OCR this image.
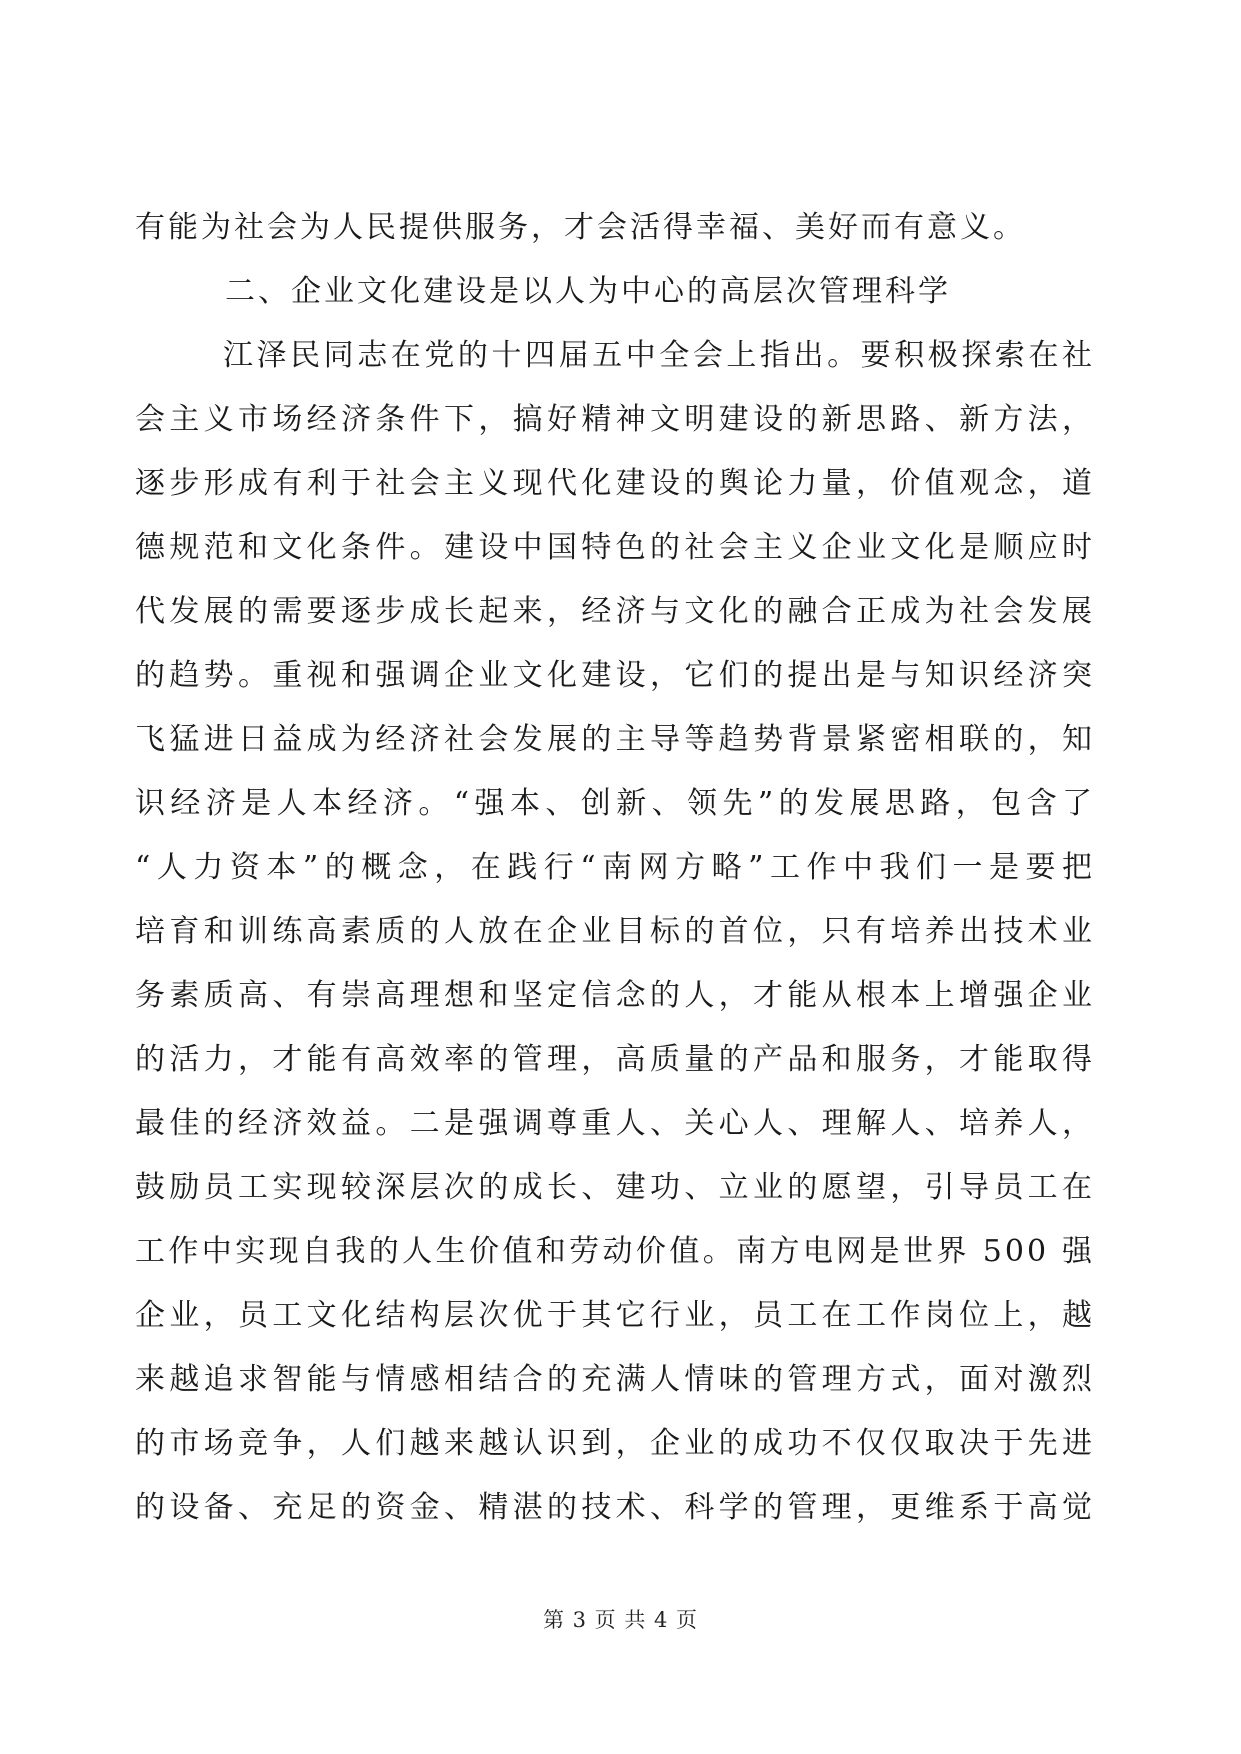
有能为社会为人民提供服务，才会活得幸福、美好而有意义。
二、企业文化建设是以人为中心的高层次管理科学
江泽民同志在党的十四届五中全会上指出。要积极探索在社
会主义市场经济条件下，搞好精神文明建设的新思路、新方法，
逐步形成有利于社会主义现代化建设的舆论力量，价值观念，道
德规范和文化条件。建设中国特色的社会主义企业文化是顺应时
代发展的需要逐步成长起来，经济与文化的融合正成为社会发展
的趋势。重视和强调企业文化建设，它们的提出是与知识经济突
飞猛进日益成为经济社会发展的主导等趋势背景紧密相联的，知
识经济是人本经济。“强本、创新、领先”的发展思路，包含了
“人力资本”的概念，在践行“南网方略”工作中我们一是要把
培育和训练高素质的人放在企业目标的首位，只有培养出技术业
务素质高、有崇高理想和坚定信念的人，才能从根本上增强企业
的活力，才能有高效率的管理，高质量的产品和服务，才能取得
最佳的经济效益。二是强调尊重人、关心人、理解人、培养人，
鼓励员工实现较深层次的成长、建功、立业的愿望，引导员工在
工作中实现自我的人生价值和劳动价值。南方电网是世界 500 强
企业，员工文化结构层次优于其它行业，员工在工作岗位上，越
来越追求智能与情感相结合的充满人情味的管理方式，面对激烈
的市场竞争，人们越来越认识到，企业的成功不仅仅取决于先进
的设备、充足的资金、精湛的技术、科学的管理，更维系于高觉
第 3 页 共 4 页
